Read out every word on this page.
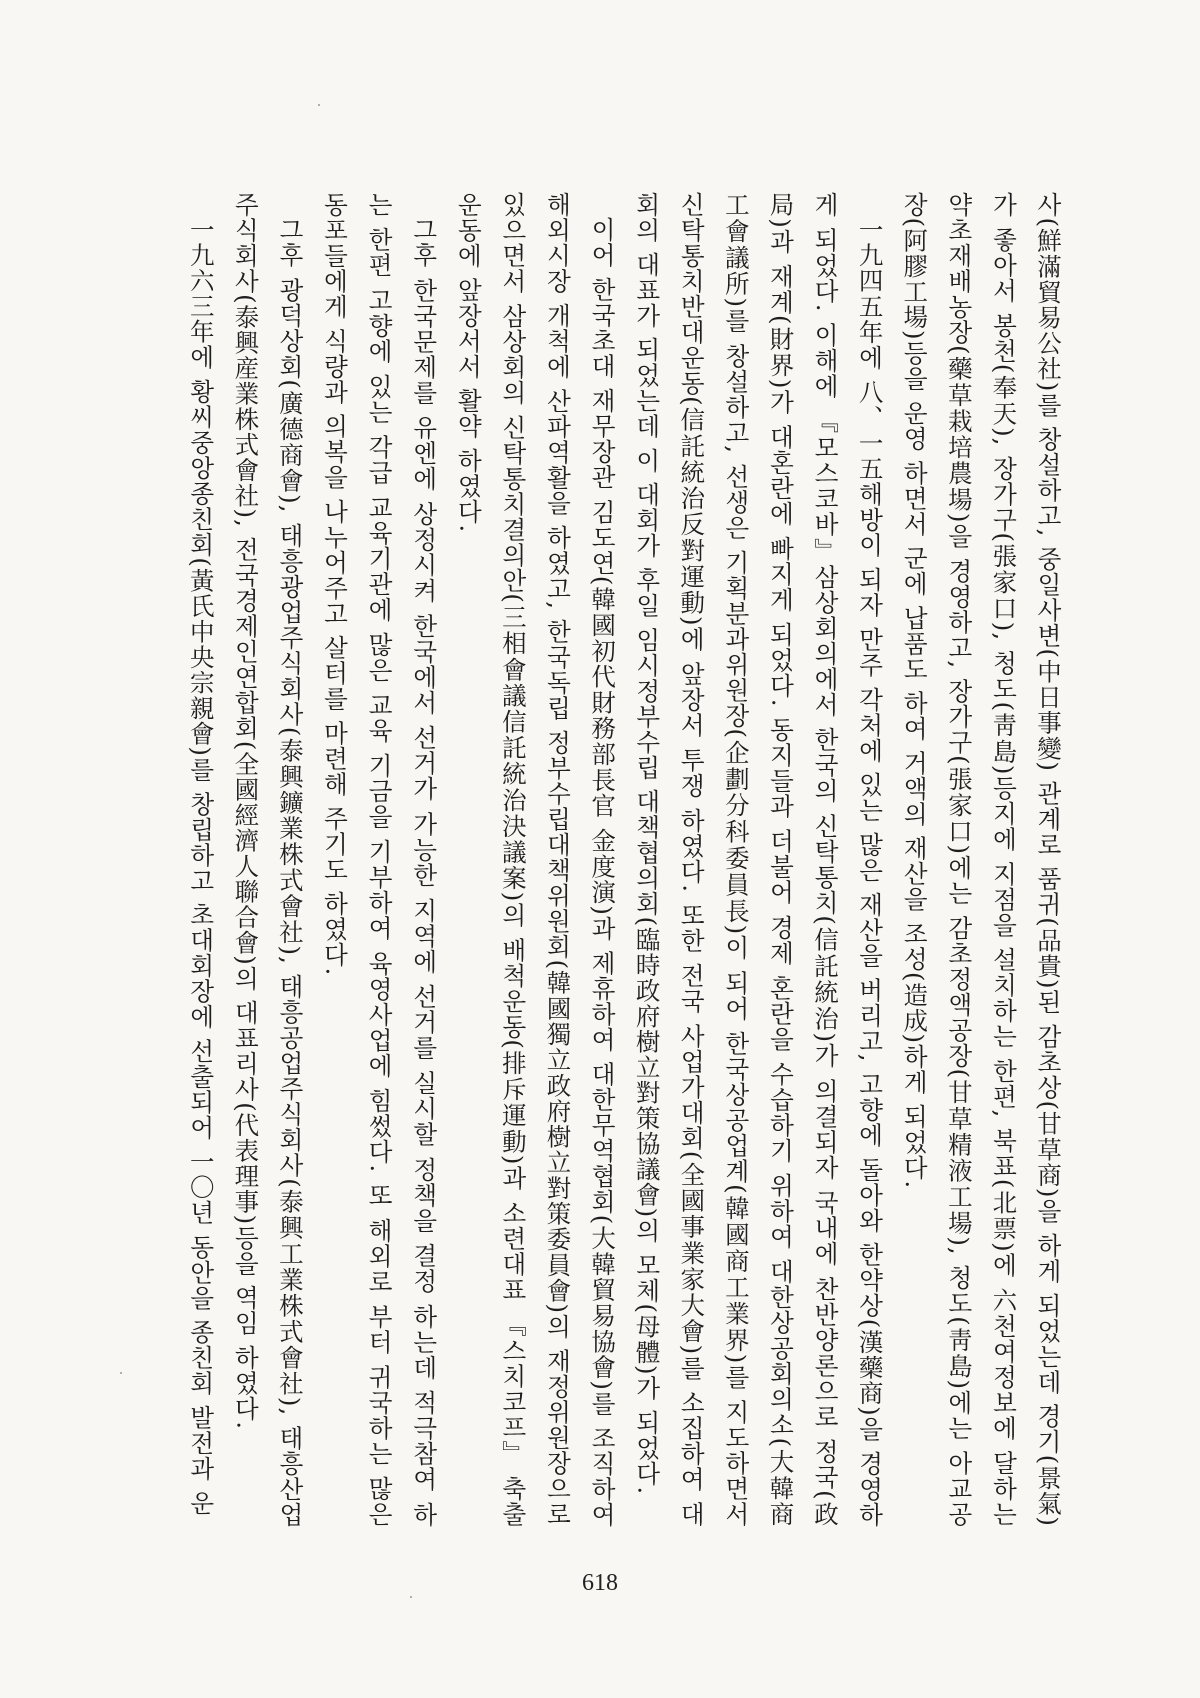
사(鮮滿貿易公社)를 창설하고, 중일사변(中日事變) 관계로 품귀(品貴)된 감초상(甘草商)을 하게 되었는데 경기(景氣)가 좋아서 봉천(奉天), 장가구(張家口), 청도(靑島)등지에 지점을 설치하는 한편, 북표(北票)에 六천여정보에 달하는 약초재배농장(藥草栽培農場)을 경영하고, 장가구(張家口)에는 감초정액공장(甘草精液工場), 청도(靑島)에는 아교공장(阿膠工場)등을 운영 하면서 군에 납품도 하여 거액의 재산을 조성(造成)하게 되었다.

一九四五年에 八、一五해방이 되자 만주 각처에 있는 많은 재산을 버리고, 고향에 돌아와 한약상(漢藥商)을 경영하게 되었다. 이해에 『모스코바』삼상회의에서 한국의 신탁통치(信託統治)가 의결되자 국내에 찬반양론으로 정국(政局)과 재계(財界)가 대혼란에 빠지게 되었다. 동지들과 더불어 경제 혼란을 수습하기 위하여 대한상공회의소(大韓商工會議所)를 창설하고, 선생은 기획분과위원장(企劃分科委員長)이 되어 한국상공업계(韓國商工業界)를 지도하면서 신탁통치반대운동(信託統治反對運動)에 앞장서 투쟁 하였다. 또한 전국 사업가대회(全國事業家大會)를 소집하여 대회의 대표가 되었는데 이 대회가 후일 임시정부수립 대책협의회(臨時政府樹立對策協議會)의 모체(母體)가 되었다.

이어 한국초대 재무장관 김도연(韓國初代財務部長官 金度演)과 제휴하여 대한무역협회(大韓貿易協會)를 조직하여 해외시장 개척에 산파역활을 하였고, 한국독립 정부수립대책위원회(韓國獨立政府樹立對策委員會)의 재정위원장으로 있으면서 삼상회의 신탁통치결의안(三相會議信託統治決議案)의 배척운동(排斥運動)과 소련대표 『스치코프』 축출운동에 앞장서서 활약 하였다.

그후 한국문제를 유엔에 상정시켜 한국에서 선거가 가능한 지역에 선거를 실시할 정책을 결정 하는데 적극참여 하는 한편 고향에 있는 각급 교육기관에 많은 교육 기금을 기부하여 육영사업에 힘썼다. 또 해외로 부터 귀국하는 많은 동포들에게 식량과 의복을 나누어주고 살터를 마련해 주기도 하였다.

그후 광덕상회(廣德商會), 태흥광업주식회사(泰興鑛業株式會社), 태흥공업주식회사(泰興工業株式會社), 태흥산업주식회사(泰興産業株式會社), 전국경제인연합회(全國經濟人聯合會)의 대표리사(代表理事)등을 역임 하였다.

一九六三年에 황씨중앙종친회(黃氏中央宗親會)를 창립하고 초대회장에 선출되어 一〇년 동안을 종친회 발전과 운

618
